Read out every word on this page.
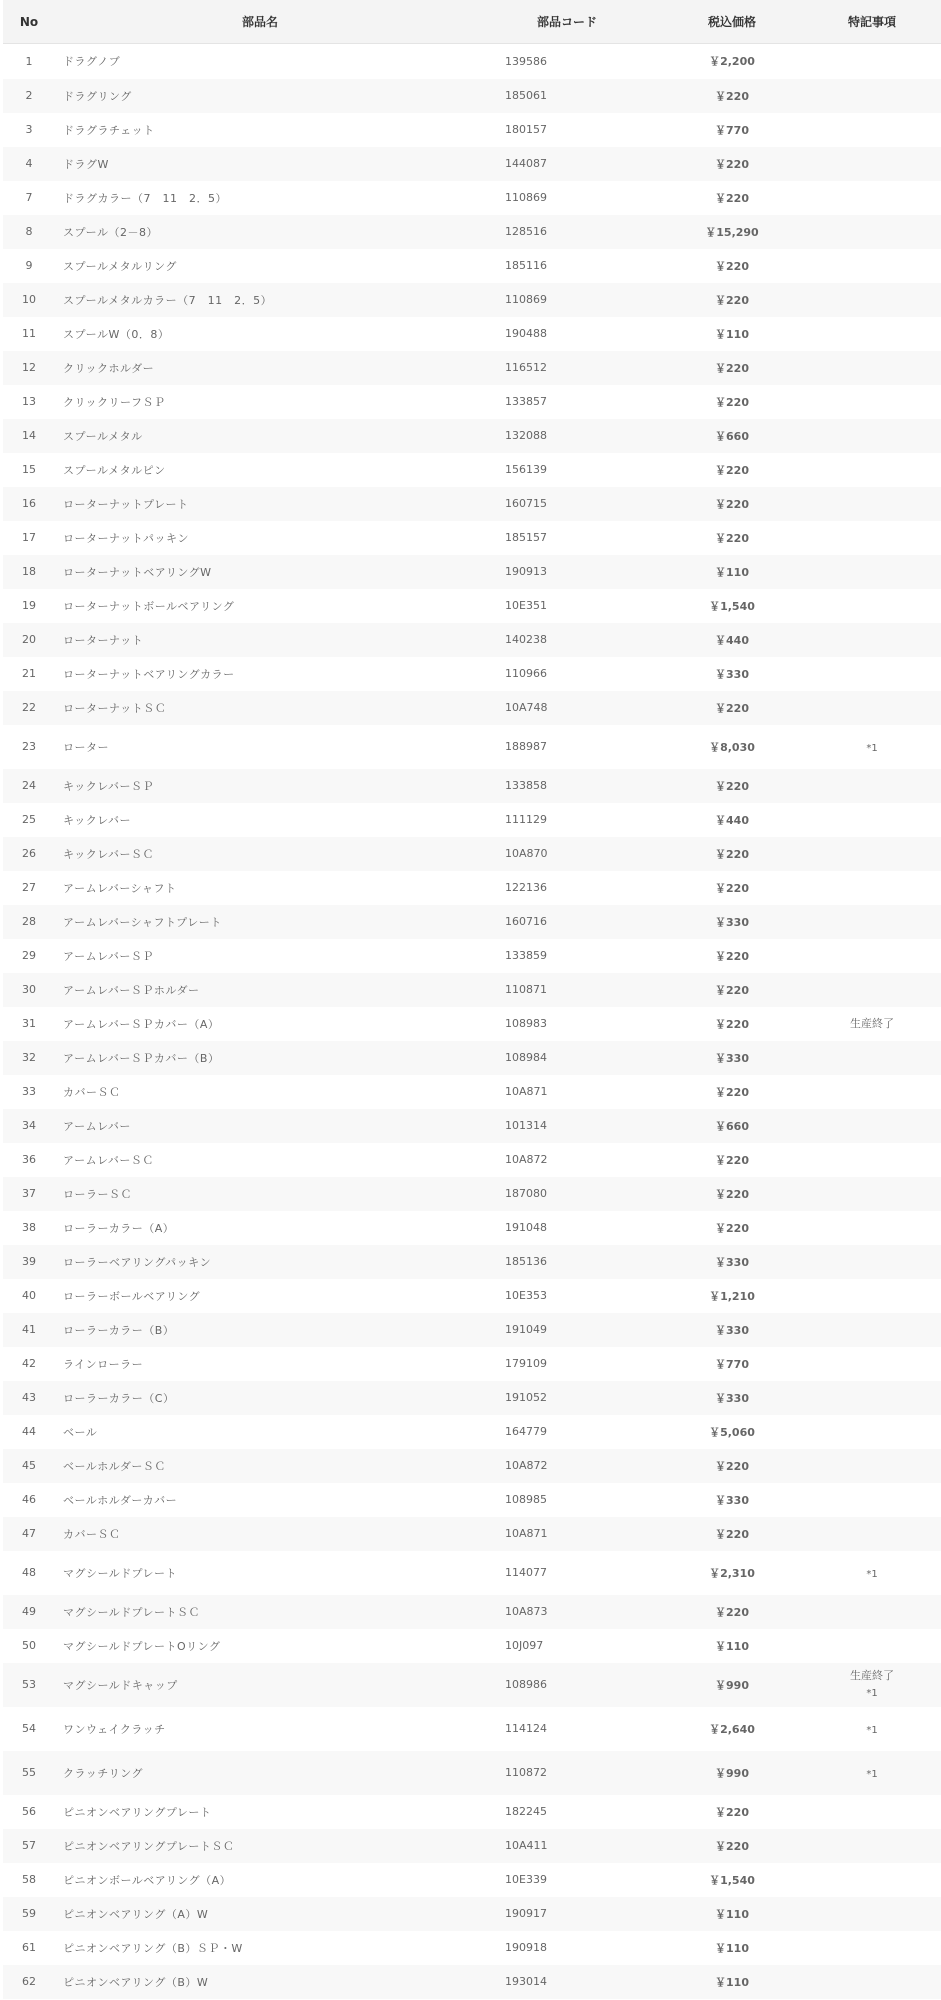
No	部品名	部品コード	税込価格	特記事項
1	ドラグノブ	139586	￥2,200	
2	ドラグリング	185061	￥220	
3	ドラグラチェット	180157	￥770	
4	ドラグW	144087	￥220	
7	ドラグカラー（7　11　2．5）	110869	￥220	
8	スプール（2－8）	128516	￥15,290	
9	スプールメタルリング	185116	￥220	
10	スプールメタルカラー（7　11　2．5）	110869	￥220	
11	スプールW（0．8）	190488	￥110	
12	クリックホルダー	116512	￥220	
13	クリックリーフＳＰ	133857	￥220	
14	スプールメタル	132088	￥660	
15	スプールメタルピン	156139	￥220	
16	ローターナットプレート	160715	￥220	
17	ローターナットパッキン	185157	￥220	
18	ローターナットベアリングW	190913	￥110	
19	ローターナットボールベアリング	10E351	￥1,540	
20	ローターナット	140238	￥440	
21	ローターナットベアリングカラー	110966	￥330	
22	ローターナットＳＣ	10A748	￥220	
23	ローター	188987	￥8,030	*1

24	キックレバーＳＰ	133858	￥220	
25	キックレバー	111129	￥440	
26	キックレバーＳＣ	10A870	￥220	
27	アームレバーシャフト	122136	￥220	
28	アームレバーシャフトプレート	160716	￥330	
29	アームレバーＳＰ	133859	￥220	
30	アームレバーＳＰホルダー	110871	￥220	
31	アームレバーＳＰカバー（A）	108983	￥220	生産終了

32	アームレバーＳＰカバー（B）	108984	￥330	
33	カバーＳＣ	10A871	￥220	
34	アームレバー	101314	￥660	
36	アームレバーＳＣ	10A872	￥220	
37	ローラーＳＣ	187080	￥220	
38	ローラーカラー（A）	191048	￥220	
39	ローラーベアリングパッキン	185136	￥330	
40	ローラーボールベアリング	10E353	￥1,210	
41	ローラーカラー（B）	191049	￥330	
42	ラインローラー	179109	￥770	
43	ローラーカラー（C）	191052	￥330	
44	ベール	164779	￥5,060	
45	ベールホルダーＳＣ	10A872	￥220	
46	ベールホルダーカバー	108985	￥330	
47	カバーＳＣ	10A871	￥220	
48	マグシールドプレート	114077	￥2,310	*1

49	マグシールドプレートＳＣ	10A873	￥220	
50	マグシールドプレートOリング	10J097	￥110	
53	マグシールドキャップ	108986	￥990	生産終了
*1

54	ワンウェイクラッチ	114124	￥2,640	*1

55	クラッチリング	110872	￥990	*1

56	ピニオンベアリングプレート	182245	￥220	
57	ピニオンベアリングプレートＳＣ	10A411	￥220	
58	ピニオンボールベアリング（A）	10E339	￥1,540	
59	ピニオンベアリング（A）W	190917	￥110	
61	ピニオンベアリング（B）ＳＰ・W	190918	￥110	
62	ピニオンベアリング（B）W	193014	￥110	
